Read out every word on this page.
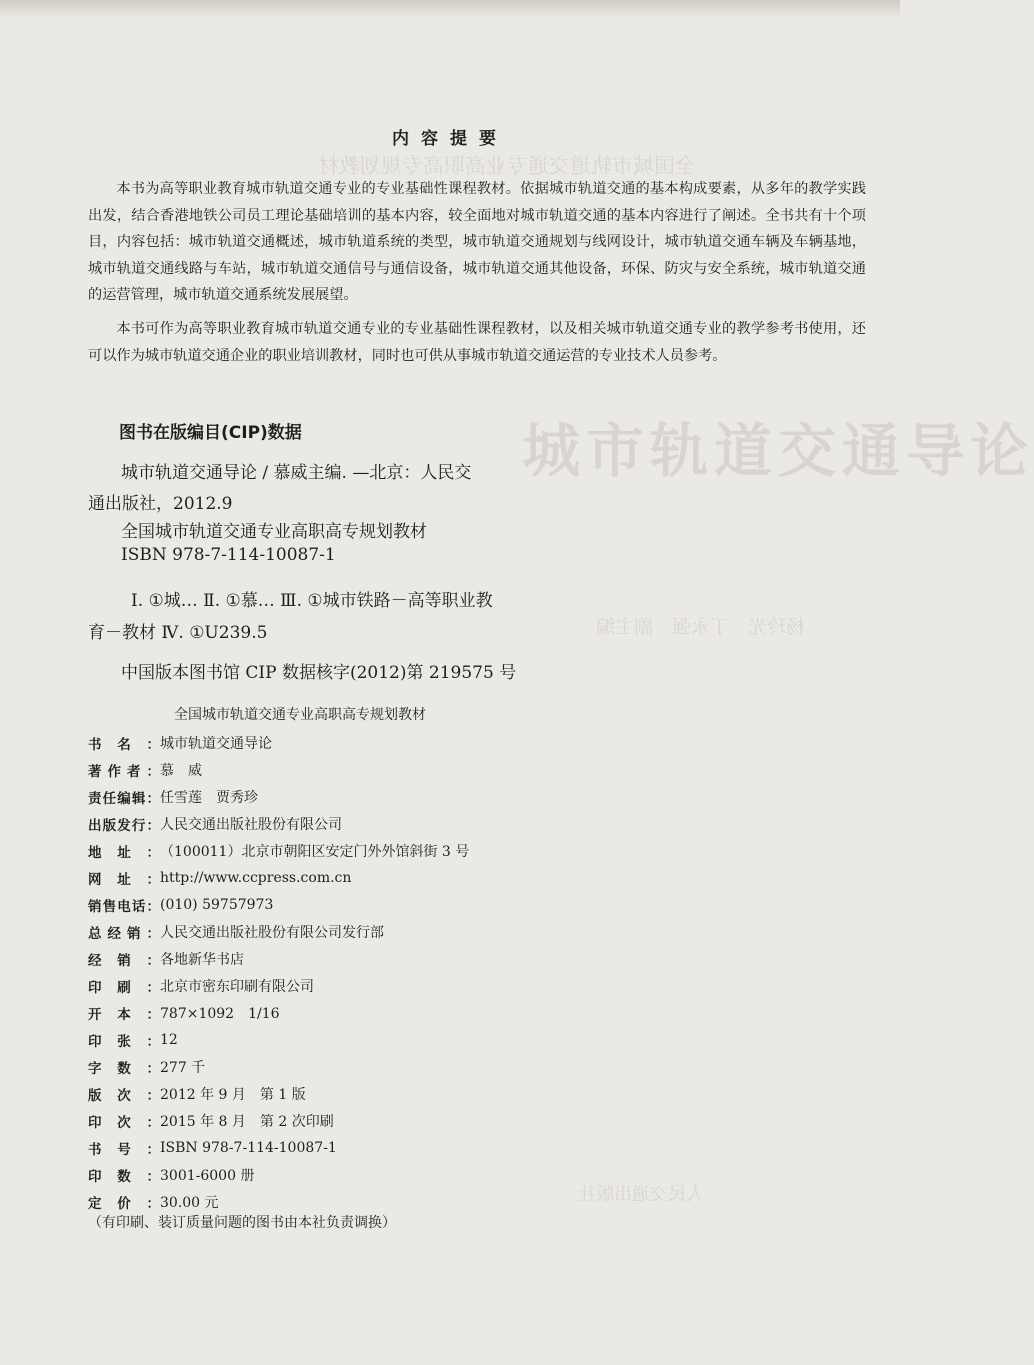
城市轨道交通导论
全国城市轨道交通专业高职高专规划教材
杨玲光　丁永强　副主编
人民交通出版社
内容提要

本书为高等职业教育城市轨道交通专业的专业基础性课程教材。依据城市轨道交通的基本构成要素，从多年的教学实践出发，结合香港地铁公司员工理论基础培训的基本内容，较全面地对城市轨道交通的基本内容进行了阐述。全书共有十个项目，内容包括：城市轨道交通概述，城市轨道系统的类型，城市轨道交通规划与线网设计，城市轨道交通车辆及车辆基地，城市轨道交通线路与车站，城市轨道交通信号与通信设备，城市轨道交通其他设备，环保、防灾与安全系统，城市轨道交通的运营管理，城市轨道交通系统发展展望。

本书可作为高等职业教育城市轨道交通专业的专业基础性课程教材，以及相关城市轨道交通专业的教学参考书使用，还可以作为城市轨道交通企业的职业培训教材，同时也可供从事城市轨道交通运营的专业技术人员参考。

图书在版编目(CIP)数据

城市轨道交通导论 / 慕威主编. —北京：人民交

通出版社，2012.9

全国城市轨道交通专业高职高专规划教材

ISBN 978-7-114-10087-1

Ⅰ. ①城… Ⅱ. ①慕… Ⅲ. ①城市铁路－高等职业教

育－教材 Ⅳ. ①U239.5

中国版本图书馆 CIP 数据核字(2012)第 219575 号

全国城市轨道交通专业高职高专规划教材
书名： 城市轨道交通导论
著作者： 慕　威
责任编辑： 任雪莲　贾秀珍
出版发行： 人民交通出版社股份有限公司
地址： （100011）北京市朝阳区安定门外外馆斜街 3 号
网址： http://www.ccpress.com.cn
销售电话： (010) 59757973
总经销： 人民交通出版社股份有限公司发行部
经销： 各地新华书店
印刷： 北京市密东印刷有限公司
开本： 787×1092　1/16
印张： 12
字数： 277 千
版次： 2012 年 9 月　第 1 版
印次： 2015 年 8 月　第 2 次印刷
书号： ISBN 978-7-114-10087-1
印数： 3001-6000 册
定价： 30.00 元
（有印刷、装订质量问题的图书由本社负责调换）
